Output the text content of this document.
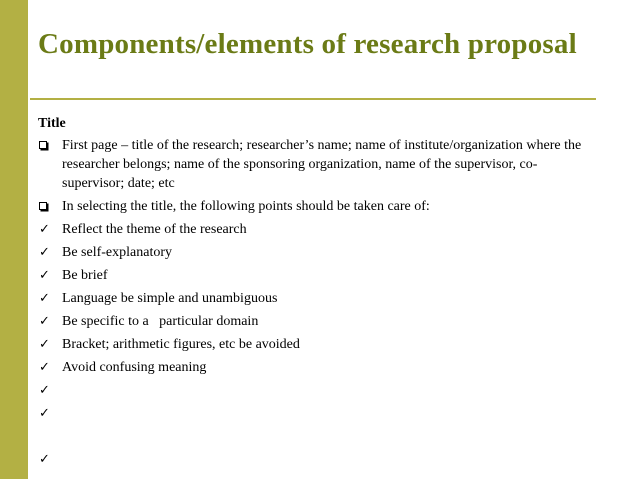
Components/elements of research proposal
Title
First page – title of the research; researcher’s name; name of institute/organization where the researcher belongs; name of the sponsoring organization, name of the supervisor, co-supervisor; date; etc
In selecting the title, the following points should be taken care of:
✓ Reflect the theme of the research
✓ Be self-explanatory
✓ Be brief
✓ Language be simple and unambiguous
✓ Be specific to a   particular domain
✓ Bracket; arithmetic figures, etc be avoided
✓ Avoid confusing meaning
✓
✓
✓
